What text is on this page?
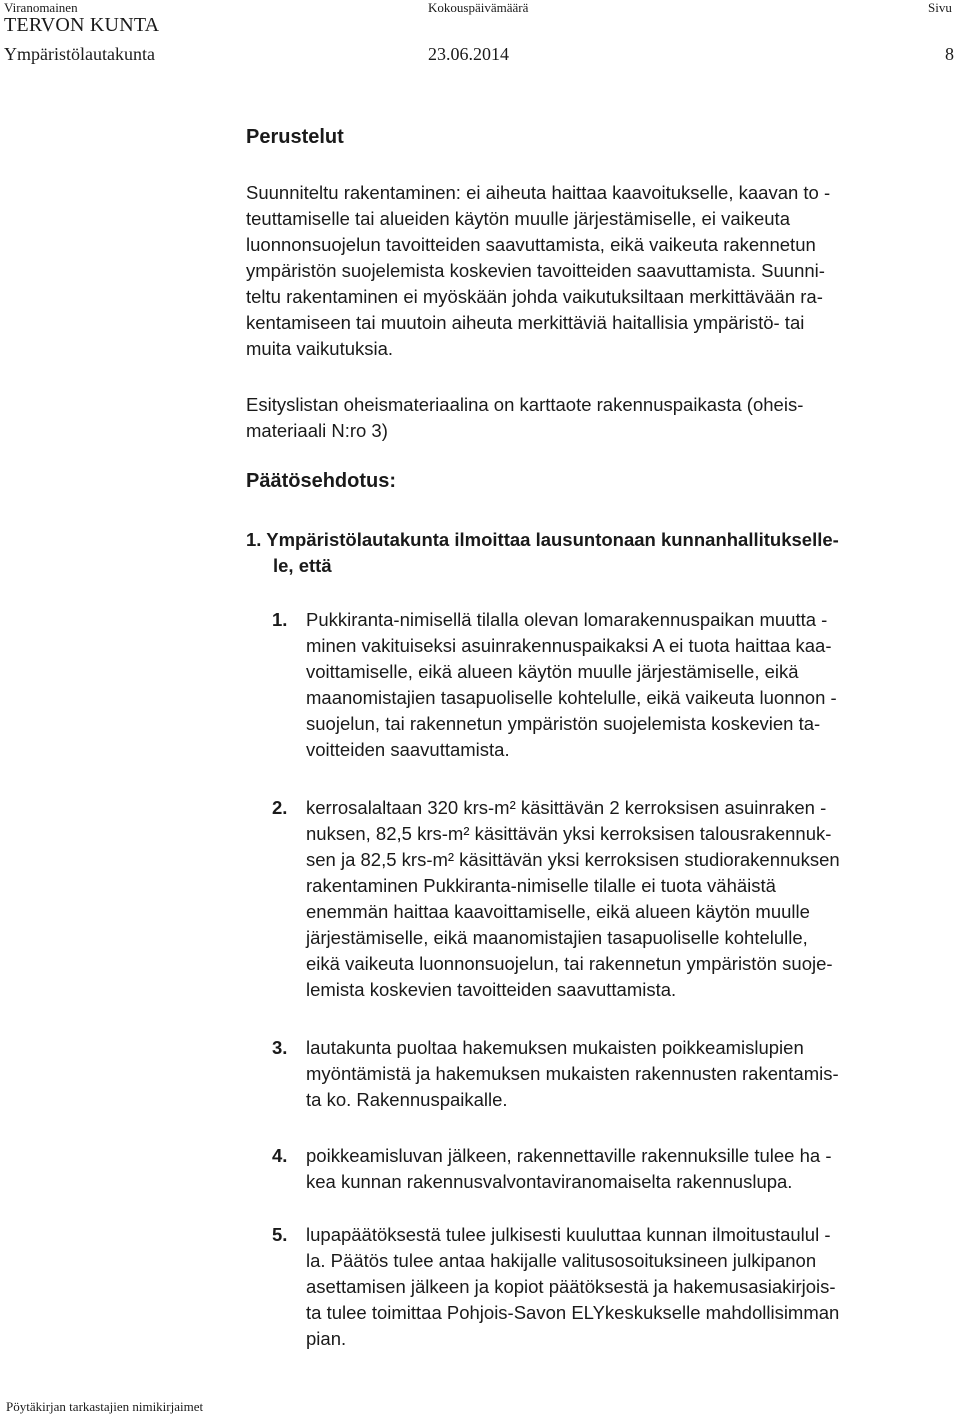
Viranomainen	Kokouspäivämäärä	Sivu
TERVON KUNTA
Ympäristölautakunta	23.06.2014	8
Perustelut
Suunniteltu rakentaminen: ei aiheuta haittaa kaavoitukselle, kaavan to -
teuttamiselle tai alueiden käytön muulle järjestämiselle, ei vaikeuta
luonnonsuojelun tavoitteiden saavuttamista, eikä vaikeuta rakennetun
ympäristön suojelemista koskevien tavoitteiden saavuttamista. Suunni-
teltu rakentaminen ei myöskään johda vaikutuksiltaan merkittävään ra-
kentamiseen tai muutoin aiheuta merkittäviä haitallisia ympäristö- tai
muita vaikutuksia.
Esityslistan oheismateriaalina on karttaote rakennuspaikasta (oheis-
materiaali N:ro 3)
Päätösehdotus:
1. Ympäristölautakunta ilmoittaa lausuntonaan kunnanhallitukselle-
le, että
1. Pukkiranta-nimisellä tilalla olevan lomarakennuspaikan muutta -
minen vakituiseksi asuinrakennuspaikaksi A ei tuota haittaa kaa-
voittamiselle, eikä alueen käytön muulle järjestämiselle, eikä
maanomistajien tasapuoliselle kohtelulle, eikä vaikeuta luonnon -
suojelun, tai rakennetun ympäristön suojelemista koskevien ta-
voitteiden saavuttamista.
2. kerrosalaltaan 320 krs-m² käsittävän 2 kerroksisen asuinraken -
nuksen, 82,5 krs-m² käsittävän yksi kerroksisen talousrakennuk-
sen ja 82,5 krs-m² käsittävän yksi kerroksisen studiorakennuksen
rakentaminen Pukkiranta-nimiselle tilalle ei tuota vähäistä
enemmän haittaa kaavoittamiselle, eikä alueen käytön muulle
järjestämiselle, eikä maanomistajien tasapuoliselle kohtelulle,
eikä vaikeuta luonnonsuojelun, tai rakennetun ympäristön suoje-
lemista koskevien tavoitteiden saavuttamista.
3. lautakunta puoltaa hakemuksen mukaisten poikkeamislupien
myöntämistä ja hakemuksen mukaisten rakennusten rakentamis-
ta ko. Rakennuspaikalle.
4. poikkeamisluvan jälkeen, rakennettaville rakennuksille tulee ha -
kea kunnan rakennusvalvontaviranomaiselta rakennuslupa.
5. lupapäätöksestä tulee julkisesti kuuluttaa kunnan ilmoitustaulul -
la. Päätös tulee antaa hakijalle valitusosoituksineen julkipanon
asettamisen jälkeen ja kopiot päätöksestä ja hakemusasiakirjois-
ta tulee toimittaa Pohjois-Savon ELYkeskukselle mahdollisimman
pian.
Pöytäkirjan tarkastajien nimikirjaimet
